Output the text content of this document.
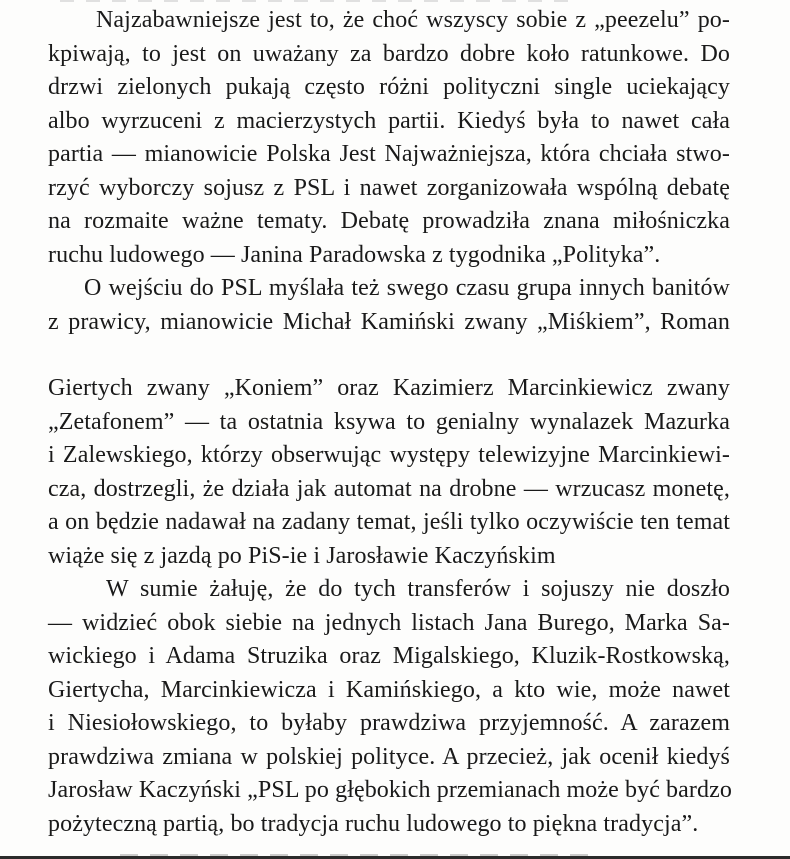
Najzabawniejsze jest to, że choć wszyscy sobie z „peezelu” po-
kpiwają, to jest on uważany za bardzo dobre koło ratunkowe. Do
drzwi zielonych pukają często różni polityczni single uciekający
albo wyrzuceni z macierzystych partii. Kiedyś była to nawet cała
partia — mianowicie Polska Jest Najważniejsza, która chciała stwo-
rzyć wyborczy sojusz z PSL i nawet zorganizowała wspólną debatę
na rozmaite ważne tematy. Debatę prowadziła znana miłośniczka
ruchu ludowego — Janina Paradowska z tygodnika „Polityka”.
O wejściu do PSL myślała też swego czasu grupa innych banitów
z prawicy, mianowicie Michał Kamiński zwany „Miśkiem”, Roman
Giertych zwany „Koniem” oraz Kazimierz Marcinkiewicz zwany
„Zetafonem” — ta ostatnia ksywa to genialny wynalazek Mazurka
i Zalewskiego, którzy obserwując występy telewizyjne Marcinkiewi-
cza, dostrzegli, że działa jak automat na drobne — wrzucasz monetę,
a on będzie nadawał na zadany temat, jeśli tylko oczywiście ten temat
wiąże się z jazdą po PiS-ie i Jarosławie Kaczyńskim
W sumie żałuję, że do tych transferów i sojuszy nie doszło
— widzieć obok siebie na jednych listach Jana Burego, Marka Sa-
wickiego i Adama Struzika oraz Migalskiego, Kluzik-Rostkowską,
Giertycha, Marcinkiewicza i Kamińskiego, a kto wie, może nawet
i Niesiołowskiego, to byłaby prawdziwa przyjemność. A zarazem
prawdziwa zmiana w polskiej polityce. A przecież, jak ocenił kiedyś
Jarosław Kaczyński „PSL po głębokich przemianach może być bardzo
pożyteczną partią, bo tradycja ruchu ludowego to piękna tradycja”.
